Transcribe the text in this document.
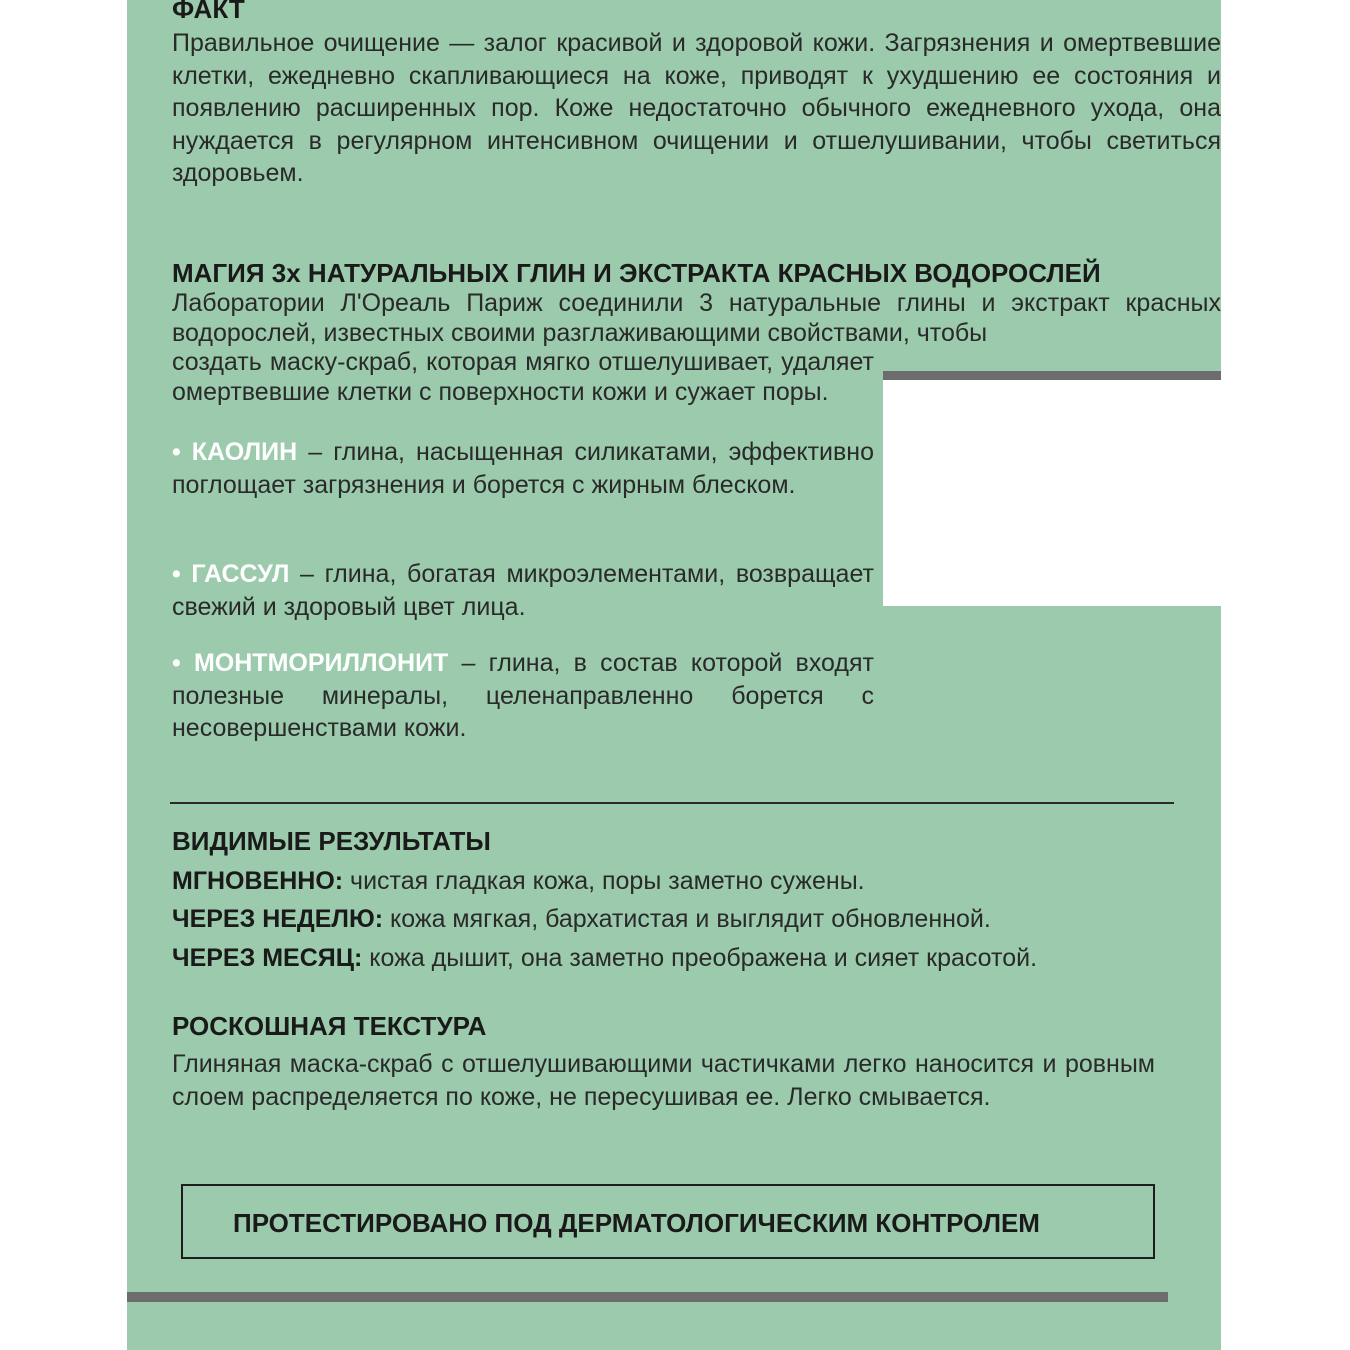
ФАКТ
Правильное очищение — залог красивой и здоровой кожи. Загрязнения и омертвевшие клетки, ежедневно скапливающиеся на коже, приводят к ухудшению ее состояния и появлению расширенных пор. Коже недостаточно обычного ежедневного ухода, она нуждается в регулярном интенсивном очищении и отшелушивании, чтобы светиться здоровьем.
МАГИЯ 3х НАТУРАЛЬНЫХ ГЛИН И ЭКСТРАКТА КРАСНЫХ ВОДОРОСЛЕЙ
Лаборатории Л'Ореаль Париж соединили 3 натуральные глины и экстракт красных водорослей, известных своими разглаживающими свойствами, чтобы
создать маску-скраб, которая мягко отшелушивает, удаляет омертвевшие клетки с поверхности кожи и сужает поры.
• КАОЛИН – глина, насыщенная силикатами, эффективно поглощает загрязнения и борется с жирным блеском.
• ГАССУЛ – глина, богатая микроэлементами, возвращает свежий и здоровый цвет лица.
• МОНТМОРИЛЛОНИТ – глина, в состав которой входят полезные минералы, целенаправленно борется с несовершенствами кожи.
ВИДИМЫЕ РЕЗУЛЬТАТЫ
МГНОВЕННО: чистая гладкая кожа, поры заметно сужены.
ЧЕРЕЗ НЕДЕЛЮ: кожа мягкая, бархатистая и выглядит обновленной.
ЧЕРЕЗ МЕСЯЦ: кожа дышит, она заметно преображена и сияет красотой.
РОСКОШНАЯ ТЕКСТУРА
Глиняная маска-скраб с отшелушивающими частичками легко наносится и ровным слоем распределяется по коже, не пересушивая ее. Легко смывается.
ПРОТЕСТИРОВАНО ПОД ДЕРМАТОЛОГИЧЕСКИМ КОНТРОЛЕМ
